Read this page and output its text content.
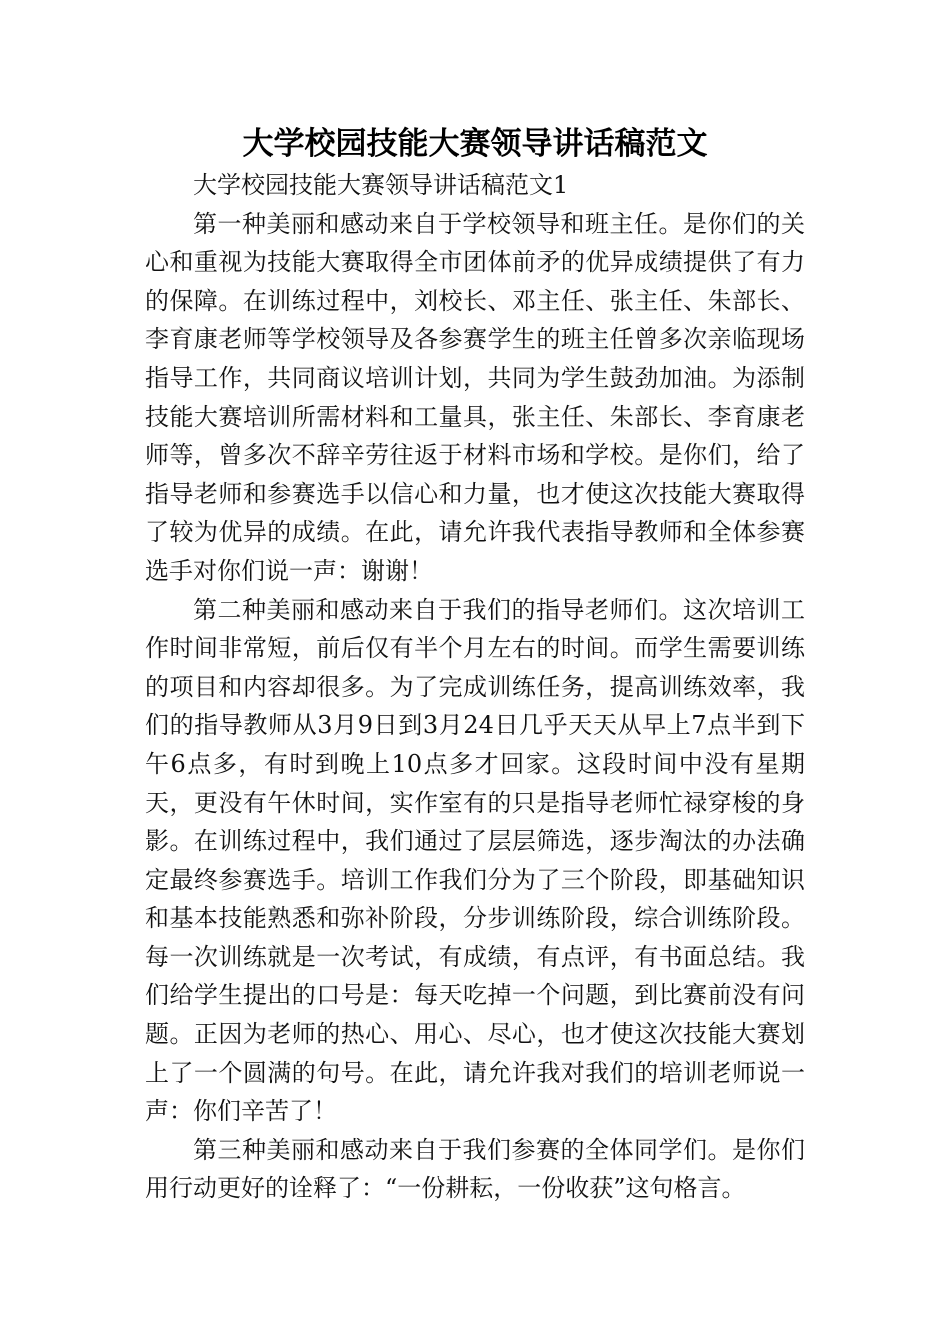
大学校园技能大赛领导讲话稿范文

大学校园技能大赛领导讲话稿范文1

第一种美丽和感动来自于学校领导和班主任。是你们的关心和重视为技能大赛取得全市团体前矛的优异成绩提供了有力的保障。在训练过程中，刘校长、邓主任、张主任、朱部长、李育康老师等学校领导及各参赛学生的班主任曾多次亲临现场指导工作，共同商议培训计划，共同为学生鼓劲加油。为添制技能大赛培训所需材料和工量具，张主任、朱部长、李育康老师等，曾多次不辞辛劳往返于材料市场和学校。是你们，给了指导老师和参赛选手以信心和力量，也才使这次技能大赛取得了较为优异的成绩。在此，请允许我代表指导教师和全体参赛选手对你们说一声：谢谢！

第二种美丽和感动来自于我们的指导老师们。这次培训工作时间非常短，前后仅有半个月左右的时间。而学生需要训练的项目和内容却很多。为了完成训练任务，提高训练效率，我们的指导教师从3月9日到3月24日几乎天天从早上7点半到下午6点多，有时到晚上10点多才回家。这段时间中没有星期天，更没有午休时间，实作室有的只是指导老师忙禄穿梭的身影。在训练过程中，我们通过了层层筛选，逐步淘汰的办法确定最终参赛选手。培训工作我们分为了三个阶段，即基础知识和基本技能熟悉和弥补阶段，分步训练阶段，综合训练阶段。每一次训练就是一次考试，有成绩，有点评，有书面总结。我们给学生提出的口号是：每天吃掉一个问题，到比赛前没有问题。正因为老师的热心、用心、尽心，也才使这次技能大赛划上了一个圆满的句号。在此，请允许我对我们的培训老师说一声：你们辛苦了！

第三种美丽和感动来自于我们参赛的全体同学们。是你们用行动更好的诠释了：“一份耕耘，一份收获”这句格言。
